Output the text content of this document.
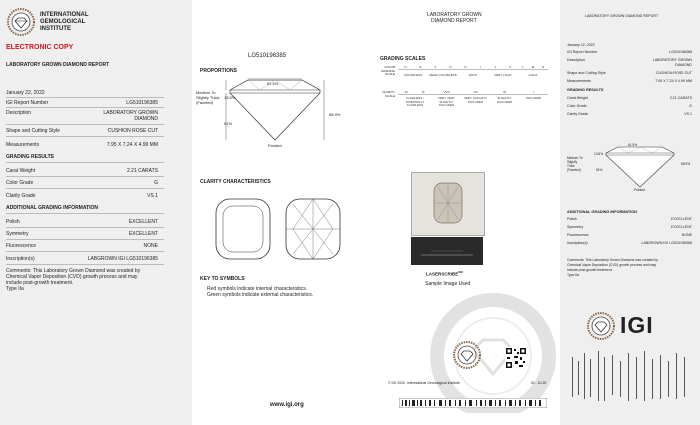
INTERNATIONAL
GEMOLOGICAL
INSTITUTE
ELECTRONIC COPY
LABORATORY GROWN DIAMOND REPORT
January 22, 2022
IGI Report Number	LG510196385
Description	LABORATORY GROWN
DIAMOND
Shape and Cutting Style	CUSHION ROSE CUT
Measurements	7.95 X 7.24 X 4.99 MM
GRADING RESULTS
Carat Weight	2.21 CARATS
Color Grade	G
Clarity Grade	VS 1
ADDITIONAL GRADING INFORMATION
Polish	EXCELLENT
Symmetry	EXCELLENT
Fluorescence	NONE
Inscription(s)	LABGROWN IGI LG510196385
Comments: This Laboratory Grown Diamond was created by
Chemical Vapor Deposition (CVD) growth process and may
include post-growth treatment.
Type IIa
LG510196385
PROPORTIONS
61.5%
68.9%
13.5%
51%
Medium To
Slightly Thick
(Faceted)
Pointed
CLARITY CHARACTERISTICS
KEY TO SYMBOLS
Red symbols indicate internal characteristics.
Green symbols indicate external characteristics.
www.igi.org
LABORATORY GROWN
DIAMOND REPORT
GRADING SCALES
COLOR GRADING SCALE
D	E	F	G	H	I	J	K	L	M	N
COLORLESS	NEAR COLORLESS	FAINT	VERY LIGHT	LIGHT
CLARITY SCALE
FL	IF	VVS	VS	SI	I
FLAWLESS / INTERNALLY FLAWLESS
VERY VERY SLIGHTLY INCLUDED
VERY SLIGHTLY INCLUDED
SLIGHTLY INCLUDED
INCLUDED
LASERSCRIBE℠
Sample Image Used
© IGI 2020, International Gemological Institute	ID - 10.20
LABORATORY GROWN DIAMOND REPORT
January 22, 2022
IGI Report Number	LG510196385
Description	LABORATORY GROWN
DIAMOND
Shape and Cutting Style	CUSHION ROSE CUT
Measurements	7.95 X 7.24 X 4.99 MM
GRADING RESULTS
Carat Weight	2.21 CARATS
Color Grade	G
Clarity Grade	VS 1
61.5%
68.9%
13.5%
51%
Medium To
Slightly
Thick
(Faceted)
Pointed
ADDITIONAL GRADING INFORMATION
Polish	EXCELLENT
Symmetry	EXCELLENT
Fluorescence	NONE
Inscription(s)	LABGROWN IGI LG510196385
Comments: This Laboratory Grown Diamond was created by
Chemical Vapor Deposition (CVD) growth process and may
include post-growth treatment.
Type IIa
IGI
